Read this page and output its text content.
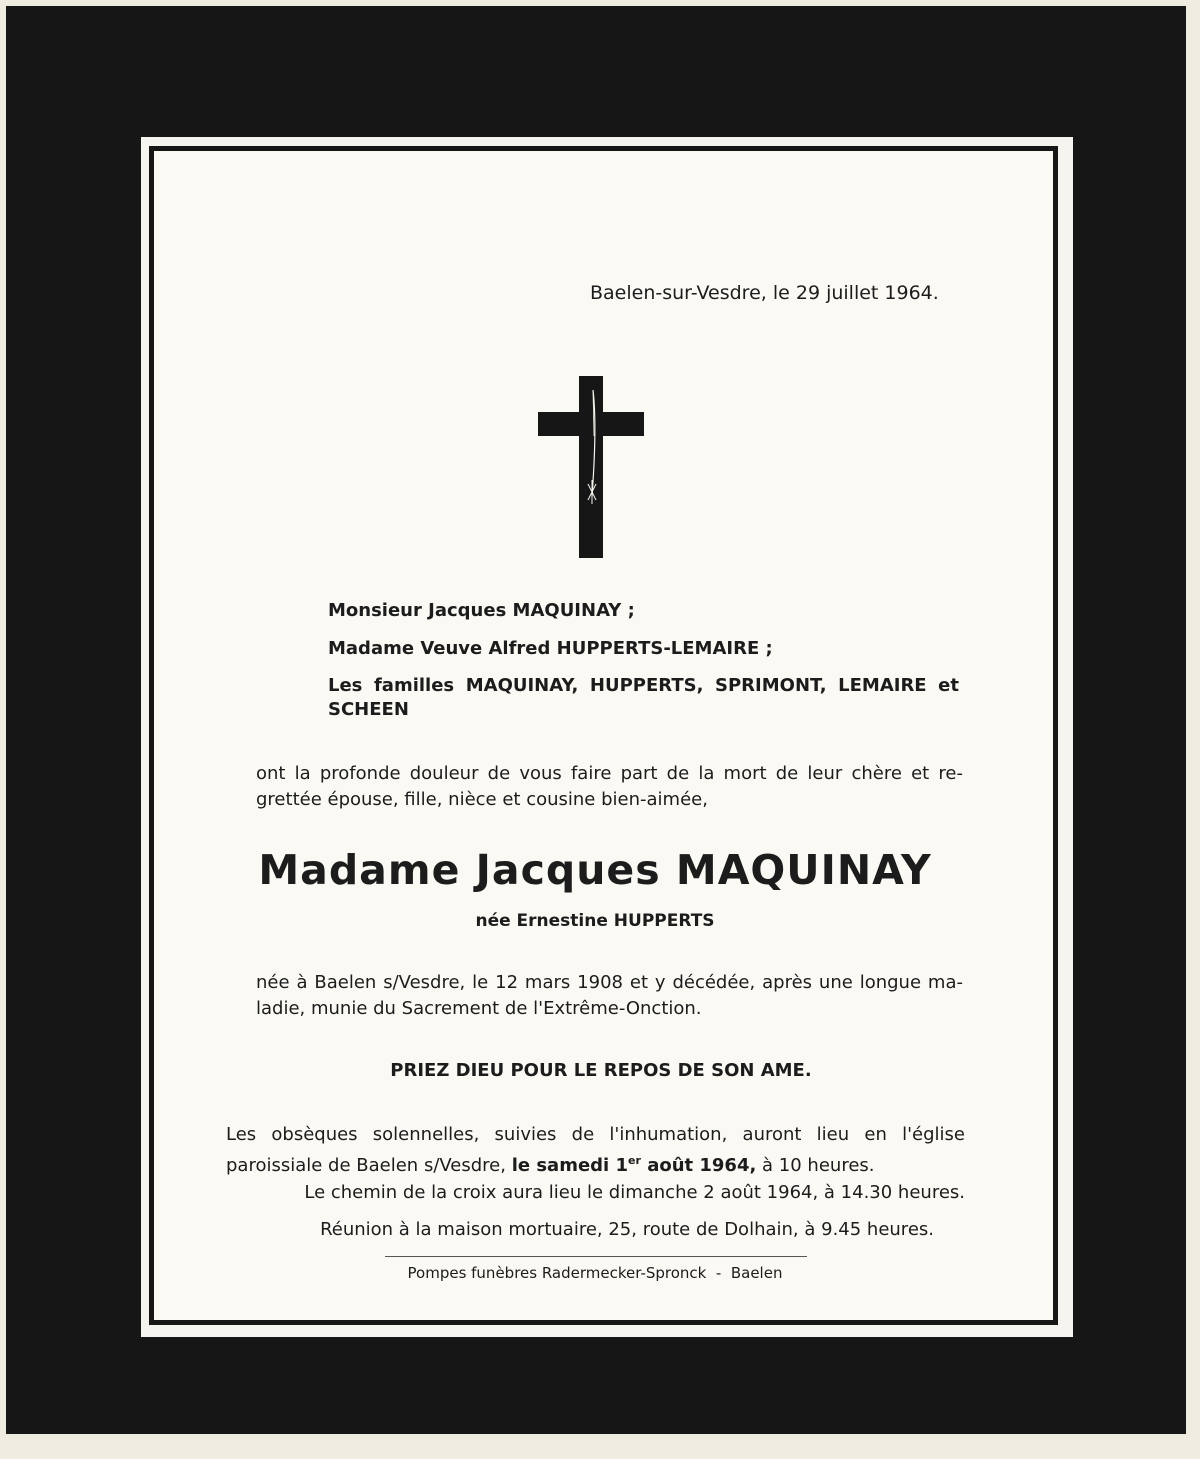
Baelen-sur-Vesdre, le 29 juillet 1964.

Monsieur Jacques MAQUINAY ;

Madame Veuve Alfred HUPPERTS-LEMAIRE ;

Les familles MAQUINAY, HUPPERTS, SPRIMONT, LEMAIRE et SCHEEN

ont la profonde douleur de vous faire part de la mort de leur chère et re-grettée épouse, fille, nièce et cousine bien-aimée,

Madame Jacques MAQUINAY

née Ernestine HUPPERTS

née à Baelen s/Vesdre, le 12 mars 1908 et y décédée, après une longue ma-ladie, munie du Sacrement de l'Extrême-Onction.

PRIEZ DIEU POUR LE REPOS DE SON AME.

Les obsèques solennelles, suivies de l'inhumation, auront lieu en l'église paroissiale de Baelen s/Vesdre, le samedi 1er août 1964, à 10 heures.

Le chemin de la croix aura lieu le dimanche 2 août 1964, à 14.30 heures.

Réunion à la maison mortuaire, 25, route de Dolhain, à 9.45 heures.

Pompes funèbres Radermecker-Spronck  -  Baelen
